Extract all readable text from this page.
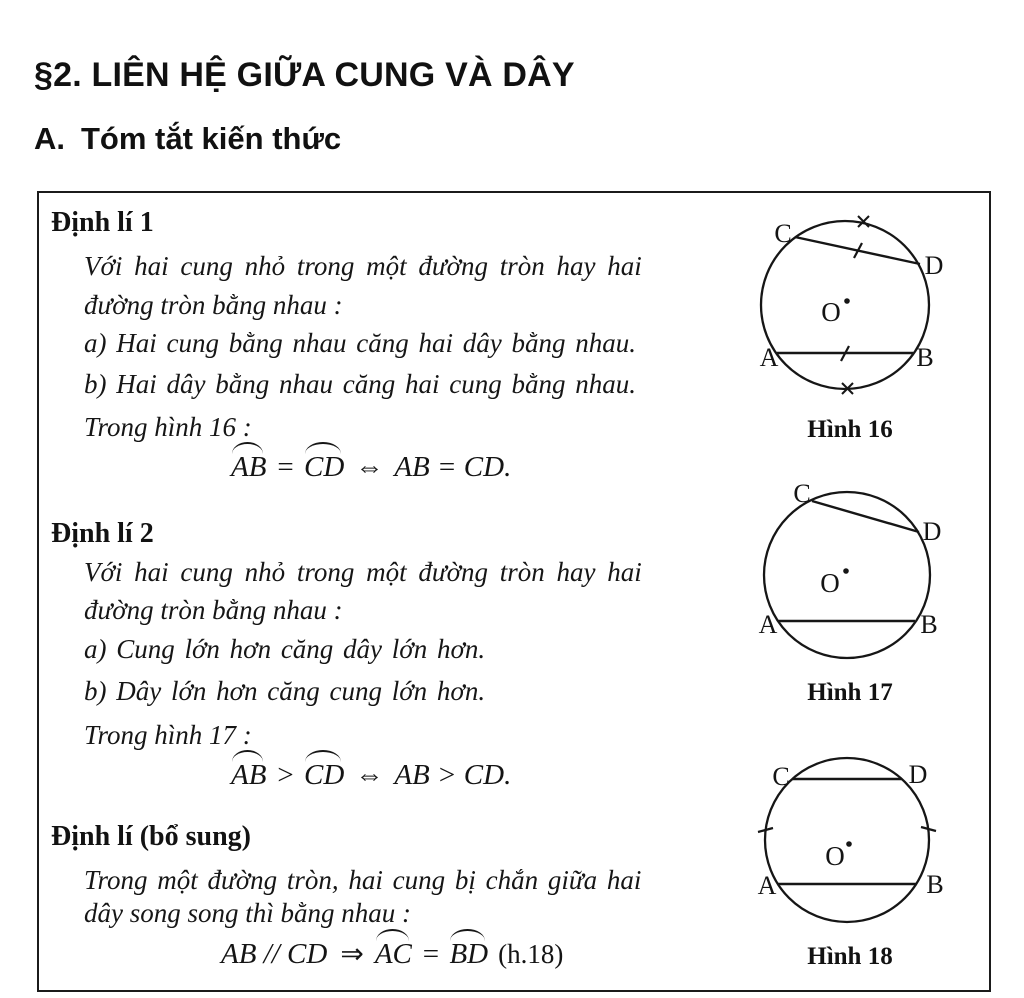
§2. LIÊN HỆ GIỮA CUNG VÀ DÂY
A. Tóm tắt kiến thức
Định lí 1
Với hai cung nhỏ trong một đường tròn hay hai
đường tròn bằng nhau :
a) Hai cung bằng nhau căng hai dây bằng nhau.
b) Hai dây bằng nhau căng hai cung bằng nhau.
Trong hình 16 :
AB = CD ⇔ AB = CD.
Định lí 2
Với hai cung nhỏ trong một đường tròn hay hai
đường tròn bằng nhau :
a) Cung lớn hơn căng dây lớn hơn.
b) Dây lớn hơn căng cung lớn hơn.
Trong hình 17 :
AB > CD ⇔ AB > CD.
Định lí (bổ sung)
Trong một đường tròn, hai cung bị chắn giữa hai
dây song song thì bằng nhau :
AB // CD ⇒ AC = BD (h.18)
C
D
O
A	B
Hình 16
C
D
O
A	B
Hình 17
C	D
O
A	B
Hình 18
